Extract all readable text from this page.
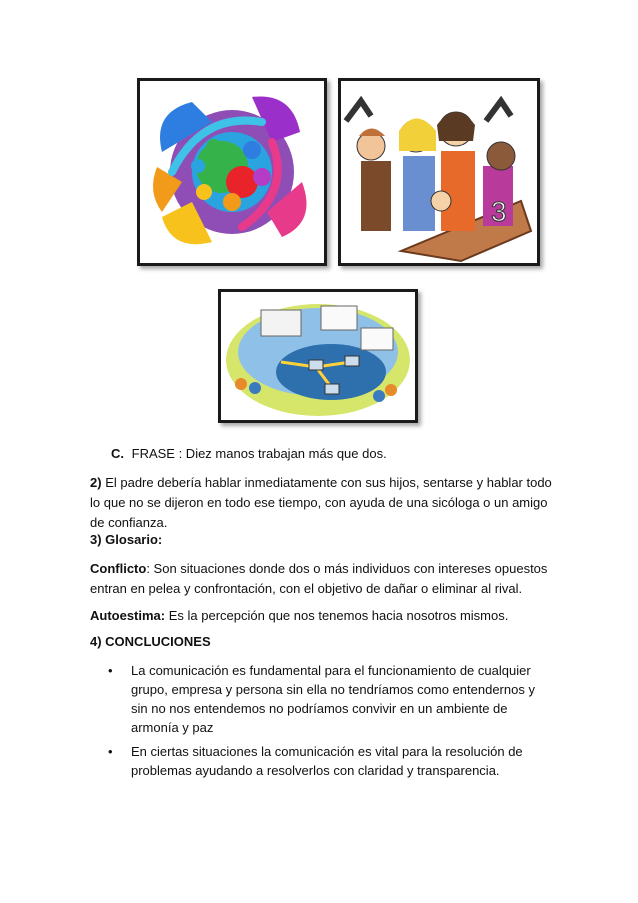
3
C. FRASE : Diez manos trabajan más que dos.
2) El padre debería hablar inmediatamente con sus hijos, sentarse y hablar todo lo que no se dijeron en todo ese tiempo, con ayuda de una sicóloga o un amigo de confianza.
3) Glosario:
Conflicto: Son situaciones donde dos o más individuos con intereses opuestos entran en pelea y confrontación, con el objetivo de dañar o eliminar al rival.
Autoestima: Es la percepción que nos tenemos hacia nosotros mismos.
4) CONCLUCIONES
• La comunicación es fundamental para el funcionamiento de cualquier grupo, empresa y persona sin ella no tendríamos como entendernos y sin no nos entendemos no podríamos convivir en un ambiente de armonía y paz
• En ciertas situaciones la comunicación es vital para la resolución de problemas ayudando a resolverlos con claridad y transparencia.
